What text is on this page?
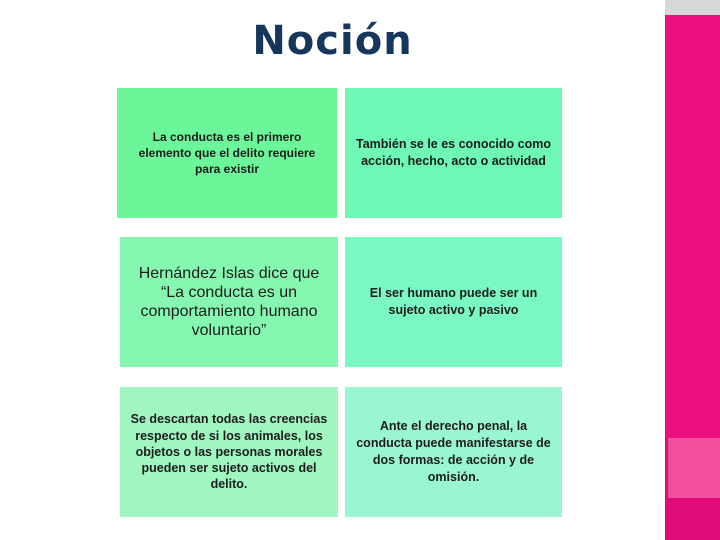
Noción
La conducta es el primero elemento que el delito requiere para existir
También se le es conocido como acción, hecho, acto o actividad
Hernández Islas dice que “La conducta es un comportamiento humano voluntario”
El ser humano puede ser un sujeto activo y pasivo
Se descartan todas las creencias respecto de si los animales, los objetos o las personas morales pueden ser sujeto activos del delito.
Ante el derecho penal, la conducta puede manifestarse de dos formas: de acción y de omisión.
